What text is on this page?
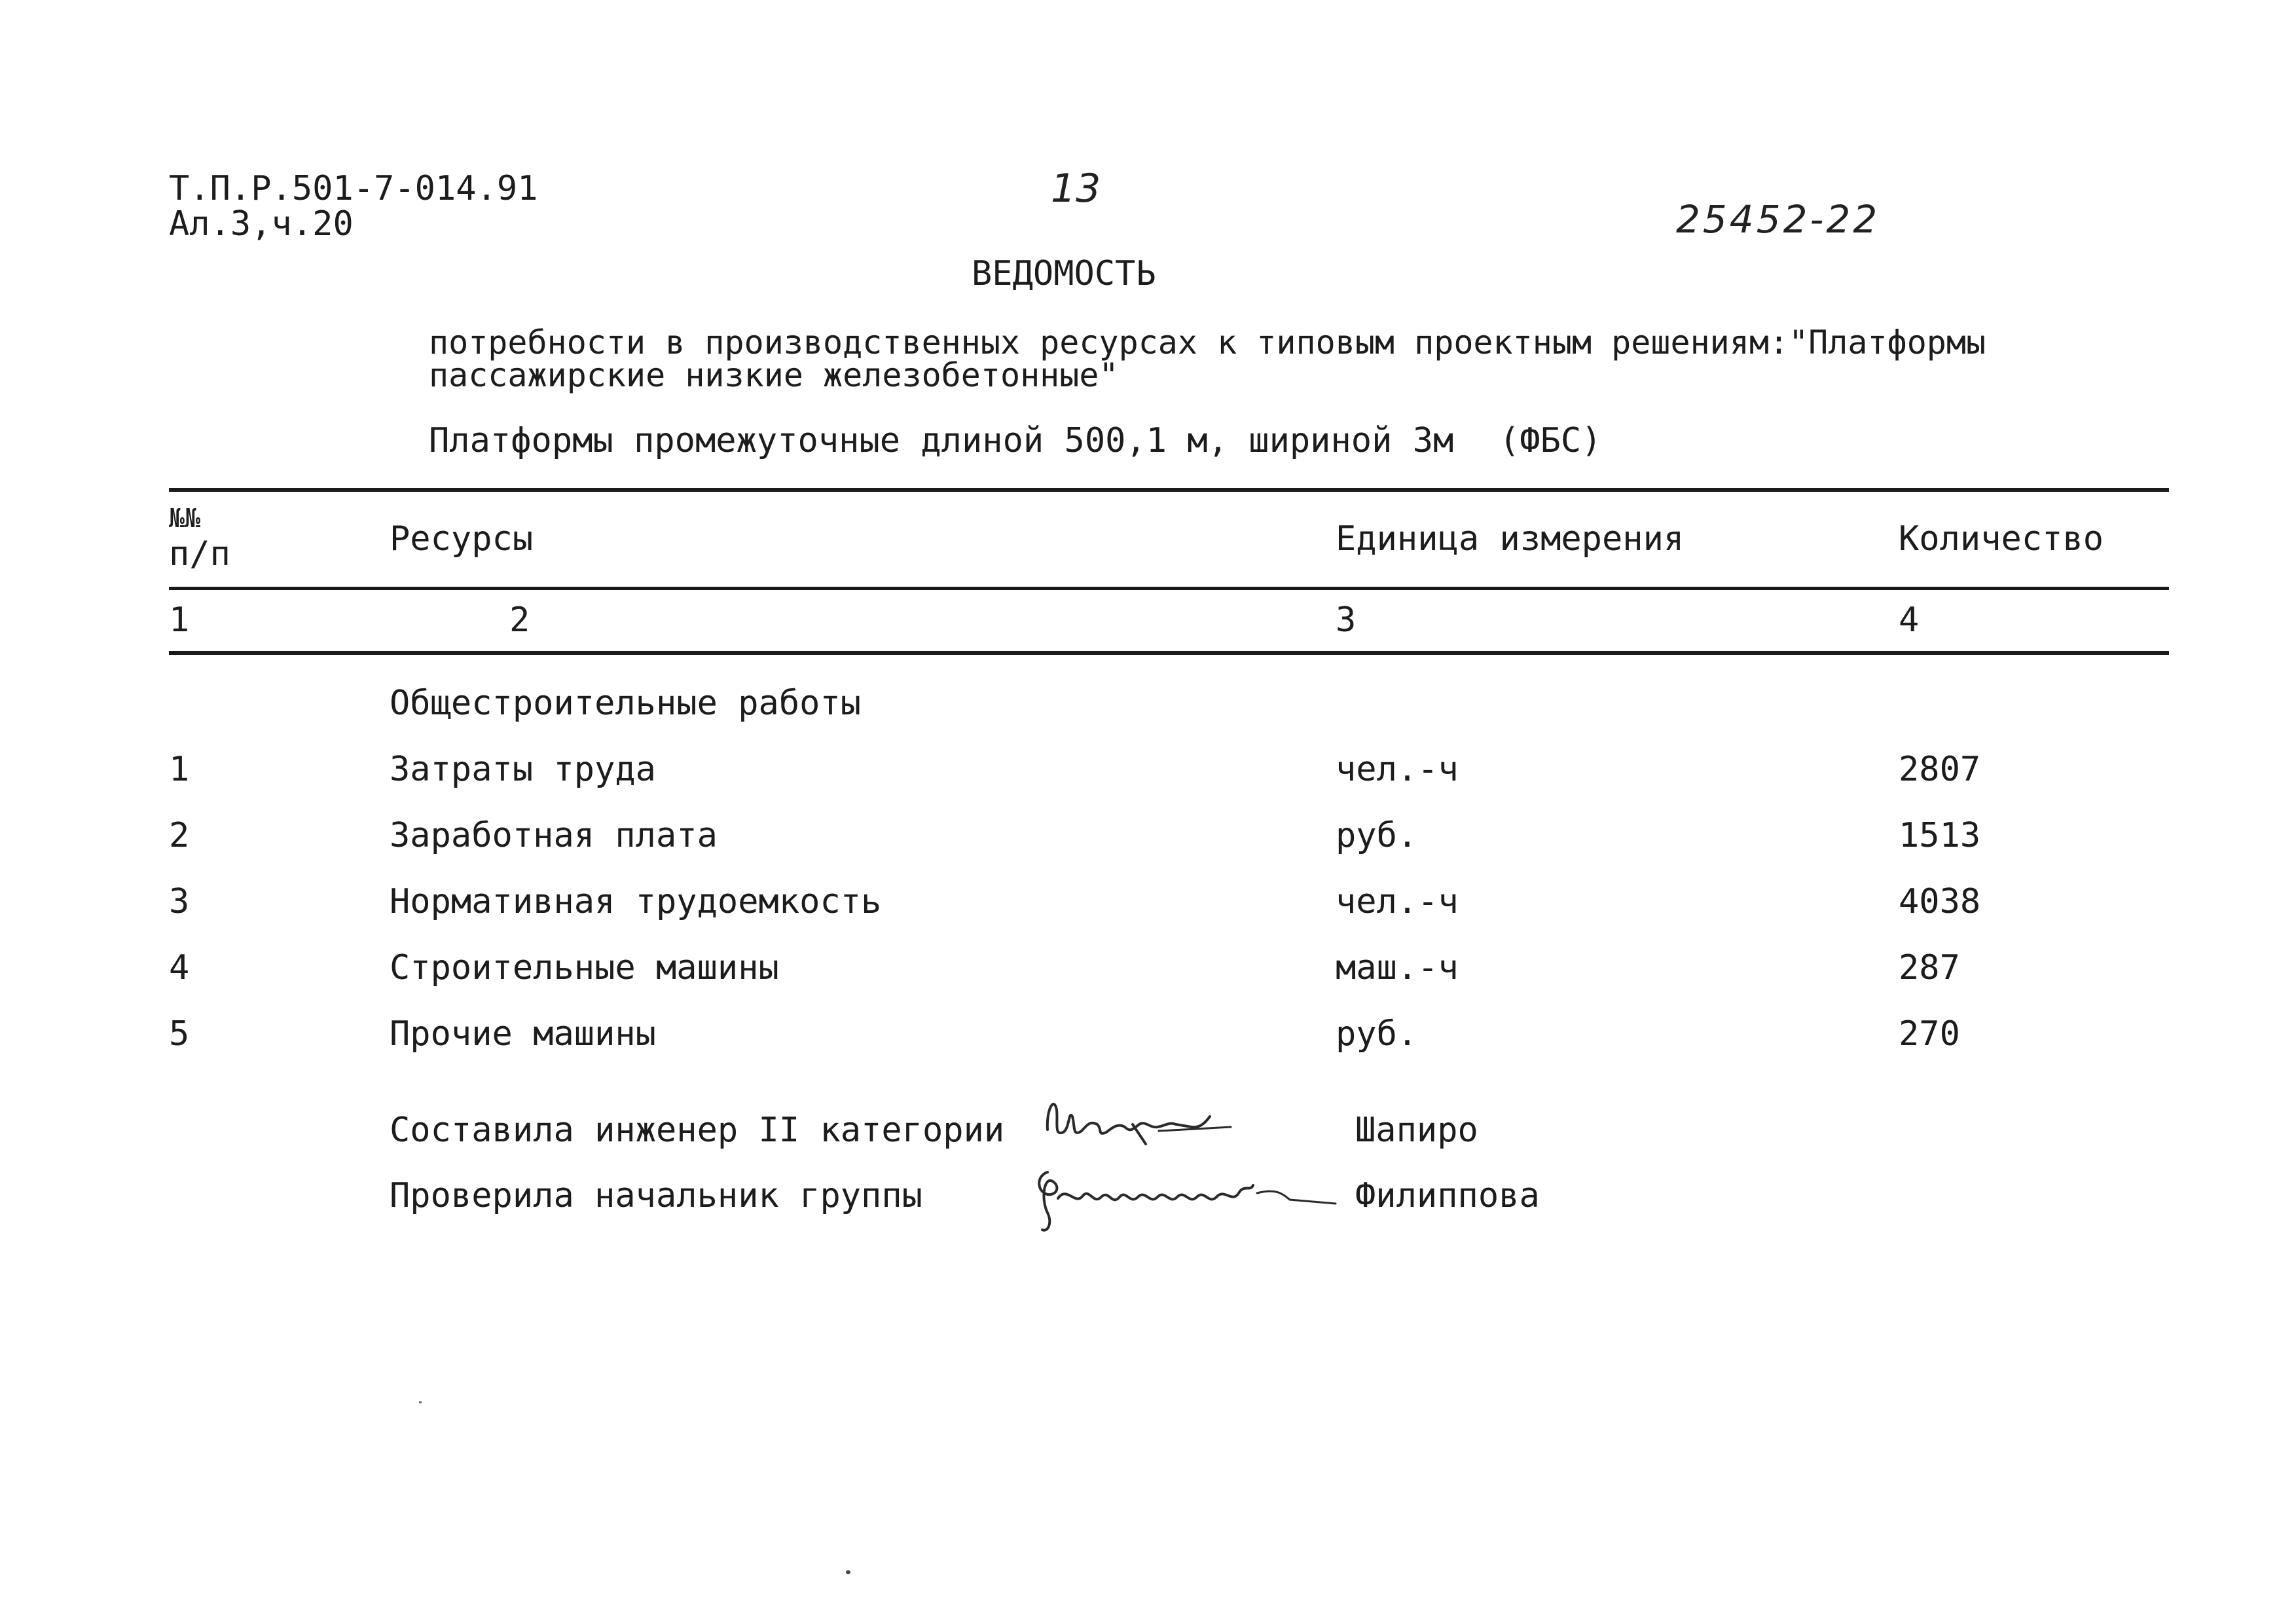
Т.П.Р.501-7-014.91
Ал.3,ч.20
13
25452-22
ВЕДОМОСТЬ
потребности в производственных ресурсах к типовым проектным решениям:"Платформы
пассажирские низкие железобетонные"
Платформы промежуточные длиной 500,1 м, шириной 3м (ФБС)
№№
п/п	Ресурсы	Единица измерения	Количество
1	2	3	4
Общестроительные работы
1	Затраты труда	чел.-ч	2807
2	Заработная плата	руб.	1513
3	Нормативная трудоемкость	чел.-ч	4038
4	Строительные машины	маш.-ч	287
5	Прочие машины	руб.	270
Составила инженер II категории	Шапиро
Проверила начальник группы	Филиппова
